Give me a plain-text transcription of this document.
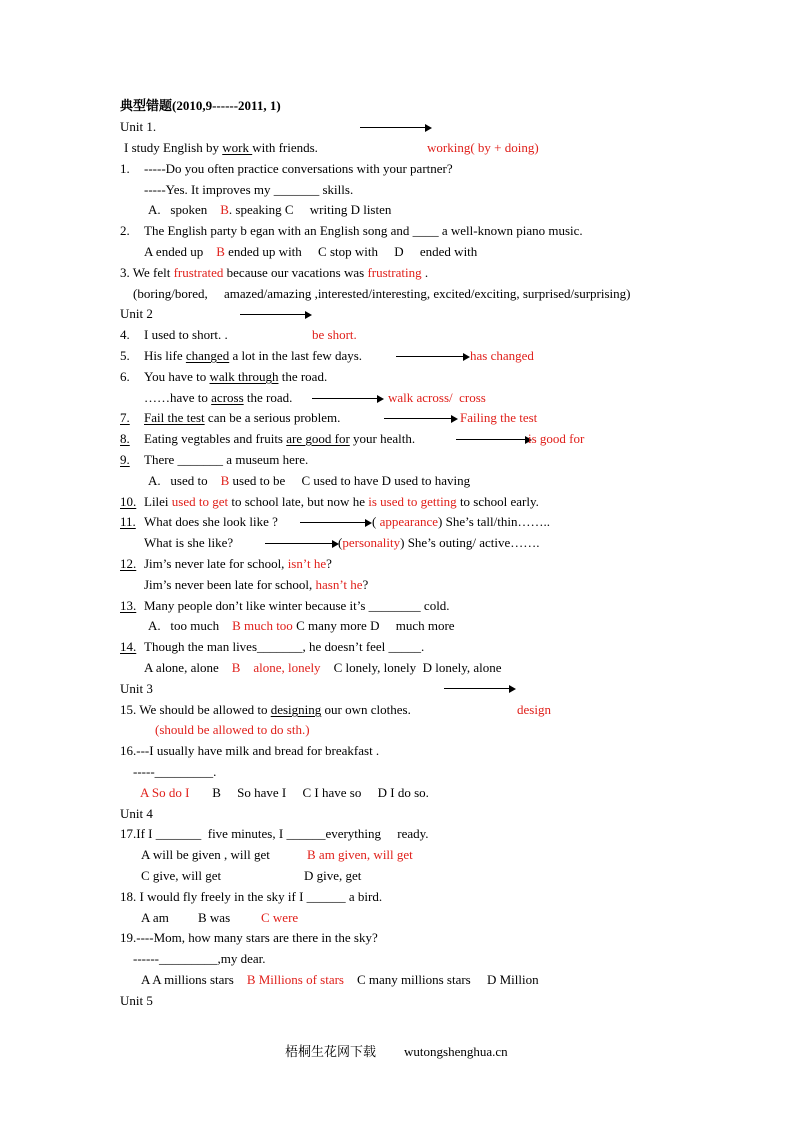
典型错题(2010,9------2011, 1)
Unit 1.
I study English by work with friends.	working( by + doing)
1. -----Do you often practice conversations with your partner?
-----Yes. It improves my _______ skills.
A.   spoken    B. speaking C     writing D listen
2. The English party b egan with an English song and ____ a well-known piano music.
A ended up    B ended up with     C stop with     D     ended with
3. We felt frustrated because our vacations was frustrating .
(boring/bored,     amazed/amazing ,interested/interesting, excited/exciting, surprised/surprising)
Unit 2
4. I used to short. .	be short.
5. His life changed a lot in the last few days.	has changed
6. You have to walk through the road.
……have to across the road.	walk across/  cross
7. Fail the test can be a serious problem.	Failing the test
8. Eating vegtables and fruits are good for your health.	is good for
9. There _______ a museum here.
A.   used to    B used to be     C used to have D used to having
10. Lilei used to get to school late, but now he is used to getting to school early.
11. What does she look like ?	( appearance) She’s tall/thin……..
What is she like?	(personality) She’s outing/ active…….
12. Jim’s never late for school, isn’t he?
Jim’s never been late for school, hasn’t he?
13. Many people don’t like winter because it’s ________ cold.
A.   too much    B much too C many more D     much more
14. Though the man lives_______, he doesn’t feel _____.
A alone, alone    B    alone, lonely    C lonely, lonely  D lonely, alone
Unit 3
15. We should be allowed to designing our own clothes.	design
(should be allowed to do sth.)
16.---I usually have milk and bread for breakfast .
-----_________.
A So do I       B     So have I     C I have so     D I do so.
Unit 4
17.If I _______  five minutes, I ______everything     ready.
A will be given , will get	B am given, will get
C give, will get	D give, get
18. I would fly freely in the sky if I ______ a bird.
A am B was C were
19.----Mom, how many stars are there in the sky?
------_________,my dear.
A A millions stars    B Millions of stars    C many millions stars     D Million
Unit 5
梧桐生花网下载 wutongshenghua.cn
